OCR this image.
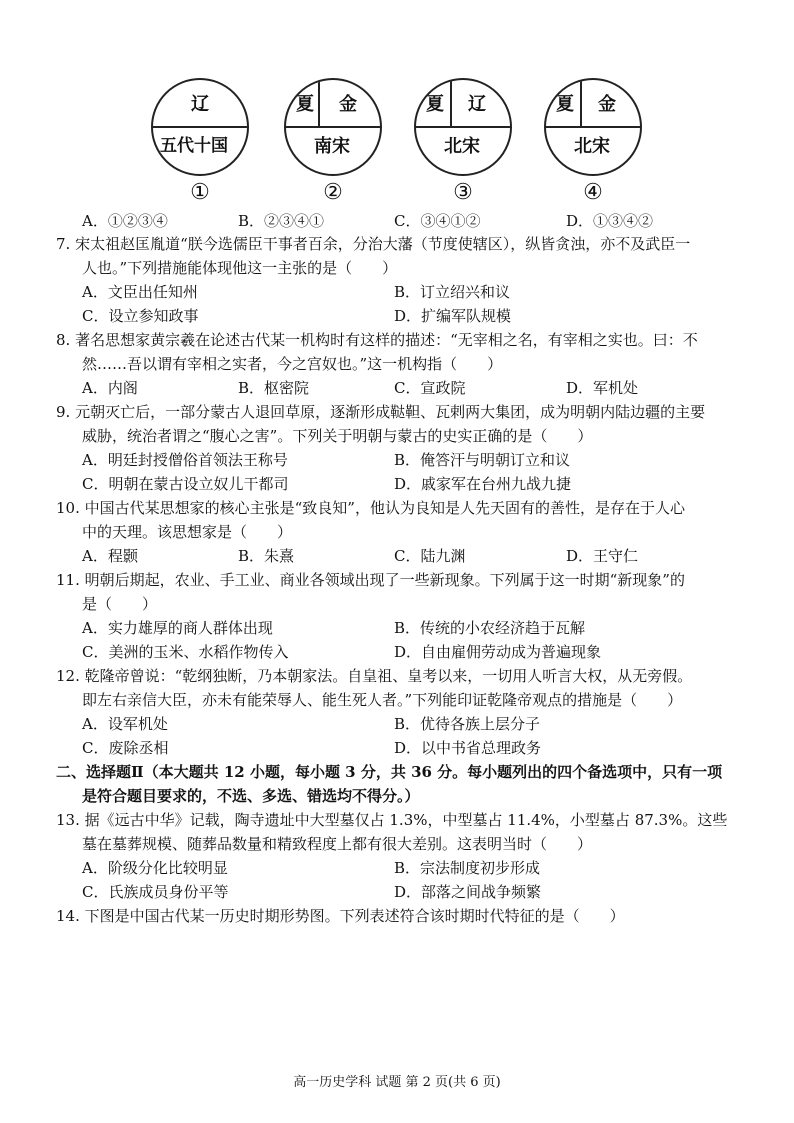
辽
五代十国
①
夏 金
南宋
②
夏 辽
北宋
③
夏 金
北宋
④
A．①②③④	B．②③④①	C．③④①②	D．①③④②
7. 宋太祖赵匡胤道“朕今选儒臣干事者百余，分治大藩（节度使辖区），纵皆贪浊，亦不及武臣一
人也。”下列措施能体现他这一主张的是（　　）
A．文臣出任知州	B．订立绍兴和议
C．设立参知政事	D．扩编军队规模
8. 著名思想家黄宗羲在论述古代某一机构时有这样的描述：“无宰相之名，有宰相之实也。曰：不
然……吾以谓有宰相之实者，今之宫奴也。”这一机构指（　　）
A．内阁	B．枢密院	C．宣政院	D．军机处
9. 元朝灭亡后，一部分蒙古人退回草原，逐渐形成鞑靼、瓦剌两大集团，成为明朝内陆边疆的主要
威胁，统治者谓之“腹心之害”。下列关于明朝与蒙古的史实正确的是（　　）
A．明廷封授僧俗首领法王称号	B．俺答汗与明朝订立和议
C．明朝在蒙古设立奴儿干都司	D．戚家军在台州九战九捷
10. 中国古代某思想家的核心主张是“致良知”，他认为良知是人先天固有的善性，是存在于人心
中的天理。该思想家是（　　）
A．程颢	B．朱熹	C．陆九渊	D．王守仁
11. 明朝后期起，农业、手工业、商业各领域出现了一些新现象。下列属于这一时期“新现象”的
是（　　）
A．实力雄厚的商人群体出现	B．传统的小农经济趋于瓦解
C．美洲的玉米、水稻作物传入	D．自由雇佣劳动成为普遍现象
12. 乾隆帝曾说：“乾纲独断，乃本朝家法。自皇祖、皇考以来，一切用人听言大权，从无旁假。
即左右亲信大臣，亦未有能荣辱人、能生死人者。”下列能印证乾隆帝观点的措施是（　　）
A．设军机处	B．优待各族上层分子
C．废除丞相	D．以中书省总理政务
二、选择题Ⅱ（本大题共 12 小题，每小题 3 分，共 36 分。每小题列出的四个备选项中，只有一项
是符合题目要求的，不选、多选、错选均不得分。）
13. 据《远古中华》记载，陶寺遗址中大型墓仅占 1.3%，中型墓占 11.4%，小型墓占 87.3%。这些
墓在墓葬规模、随葬品数量和精致程度上都有很大差别。这表明当时（　　）
A．阶级分化比较明显	B．宗法制度初步形成
C．氏族成员身份平等	D．部落之间战争频繁
14. 下图是中国古代某一历史时期形势图。下列表述符合该时期时代特征的是（　　）
高一历史学科 试题 第 2 页(共 6 页)
